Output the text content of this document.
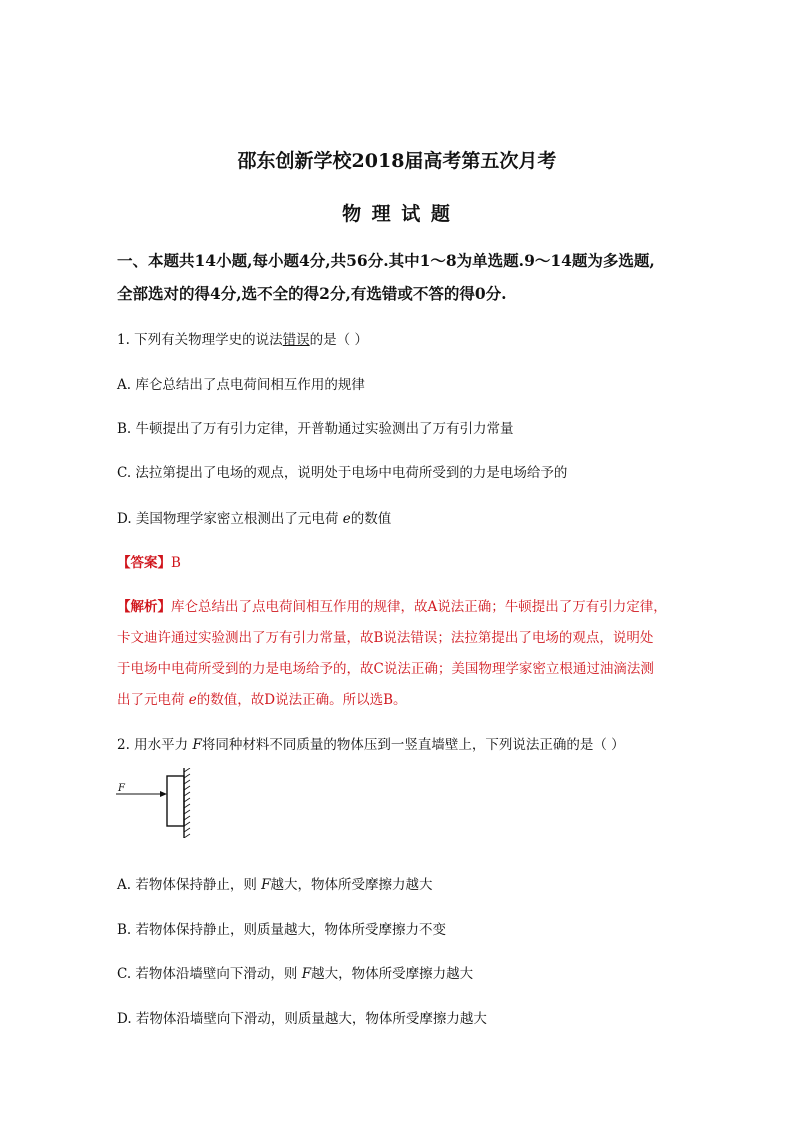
邵东创新学校2018届高考第五次月考
物 理 试 题
一、本题共14小题,每小题4分,共56分.其中1～8为单选题.9～14题为多选题,
全部选对的得4分,选不全的得2分,有选错或不答的得0分.
1. 下列有关物理学史的说法错误的是（ ）
A. 库仑总结出了点电荷间相互作用的规律
B. 牛顿提出了万有引力定律，开普勒通过实验测出了万有引力常量
C. 法拉第提出了电场的观点，说明处于电场中电荷所受到的力是电场给予的
D. 美国物理学家密立根测出了元电荷 e的数值
【答案】B
【解析】库仑总结出了点电荷间相互作用的规律，故A说法正确；牛顿提出了万有引力定律，
卡文迪许通过实验测出了万有引力常量，故B说法错误；法拉第提出了电场的观点，说明处
于电场中电荷所受到的力是电场给予的，故C说法正确；美国物理学家密立根通过油滴法测
出了元电荷 e的数值，故D说法正确。所以选B。
2. 用水平力 F将同种材料不同质量的物体压到一竖直墙壁上，下列说法正确的是（ ）
F
A. 若物体保持静止，则 F越大，物体所受摩擦力越大
B. 若物体保持静止，则质量越大，物体所受摩擦力不变
C. 若物体沿墙壁向下滑动，则 F越大，物体所受摩擦力越大
D. 若物体沿墙壁向下滑动，则质量越大，物体所受摩擦力越大
